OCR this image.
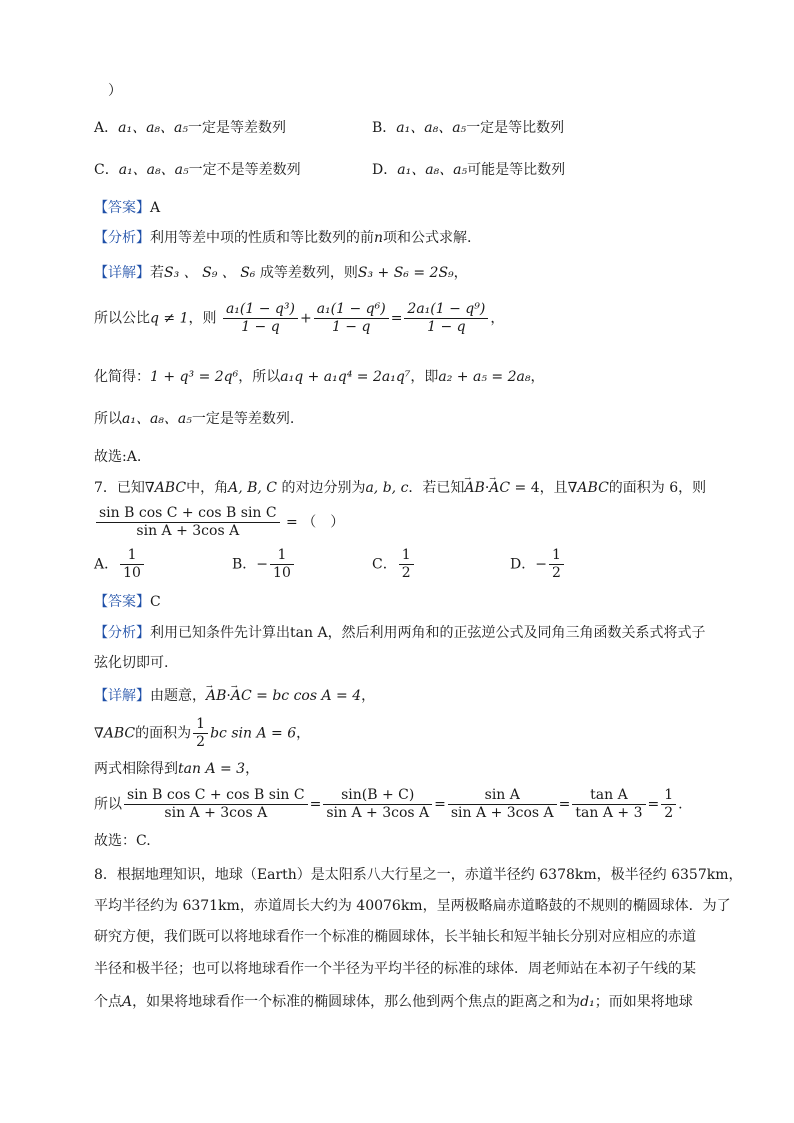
）
A．a₁、a₈、a₅一定是等差数列	B．a₁、a₈、a₅一定是等比数列
C．a₁、a₈、a₅一定不是等差数列	D．a₁、a₈、a₅可能是等比数列
【答案】A
【分析】利用等差中项的性质和等比数列的前n项和公式求解.
【详解】若S₃ 、 S₉ 、 S₆ 成等差数列，则S₃ + S₆ = 2S₉，
所以公比q ≠ 1，则 $\frac{\text{a₁(1 − q³)}}{1 - q} + \frac{\text{a₁(1 − q⁶)}}{1 - q} = \frac{\text{2a₁(1 − q⁹)}}{1 - q}$ ，
化简得：1 + q³ = 2q⁶，所以a₁q + a₁q⁴ = 2a₁q⁷，即a₂ + a₅ = 2a₈，
所以a₁、a₈、a₅一定是等差数列.
故选:A.
7．已知∇ABC中，角A, B, C 的对边分别为a, b, c．若已知→ AB·→ AC = 4，且∇ABC的面积为 6，则
$\frac{\text{sin B cos C + cos B sin C}}{\text{sin A + 3cos A}}$ = （　）
A． $\frac{1}{10}$	B．− $\frac{1}{10}$	C． $\frac{1}{2}$	D．− $\frac{1}{2}$
【答案】C
【分析】利用已知条件先计算出tan A，然后利用两角和的正弦逆公式及同角三角函数关系式将式子
弦化切即可.
【详解】由题意，→ AB·→ AC = bc cos A = 4，
∇ABC的面积为 $\frac{1}{2}$ bc sin A = 6，
两式相除得到tan A = 3，
所以 $\frac{\text{sin B cos C + cos B sin C}}{\text{sin A + 3cos A}} = \frac{\sin(B + C)}{\text{sin A + 3cos A}} = \frac{\text{sin A}}{\text{sin A + 3cos A}} = \frac{\text{tan A}}{\text{tan A + 3}} = \frac{1}{2}$ .
故选：C.
8．根据地理知识，地球（Earth）是太阳系八大行星之一，赤道半径约 6378km，极半径约 6357km，
平均半径约为 6371km，赤道周长大约为 40076km，呈两极略扁赤道略鼓的不规则的椭圆球体．为了
研究方便，我们既可以将地球看作一个标准的椭圆球体，长半轴长和短半轴长分别对应相应的赤道
半径和极半径；也可以将地球看作一个半径为平均半径的标准的球体．周老师站在本初子午线的某
个点A，如果将地球看作一个标准的椭圆球体，那么他到两个焦点的距离之和为d₁；而如果将地球
